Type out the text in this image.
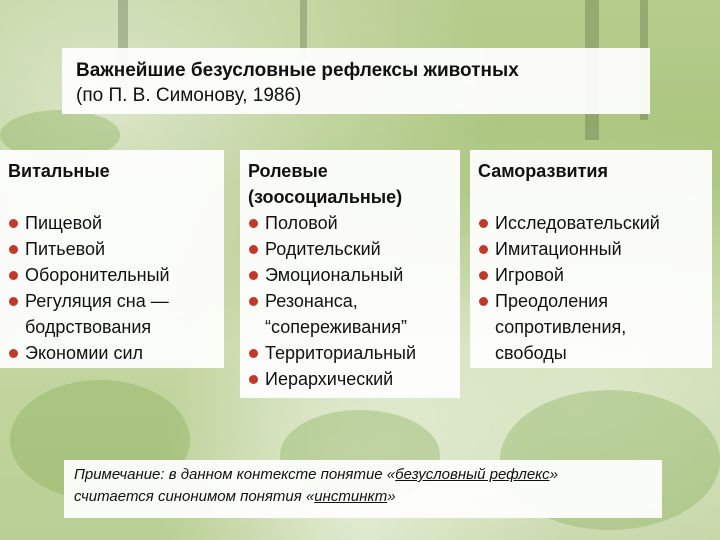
Важнейшие безусловные рефлексы животных
(по П. В. Симонову, 1986)
Витальные
Пищевой
Питьевой
Оборонительный
Регуляция сна —
бодрствования
Экономии сил
Ролевые
(зоосоциальные)
Половой
Родительский
Эмоциональный
Резонанса,
“сопереживания”
Территориальный
Иерархический
Саморазвития
Исследовательский
Имитационный
Игровой
Преодоления
сопротивления,
свободы
Примечание: в данном контексте понятие «безусловный рефлекс»
считается синонимом понятия «инстинкт»
